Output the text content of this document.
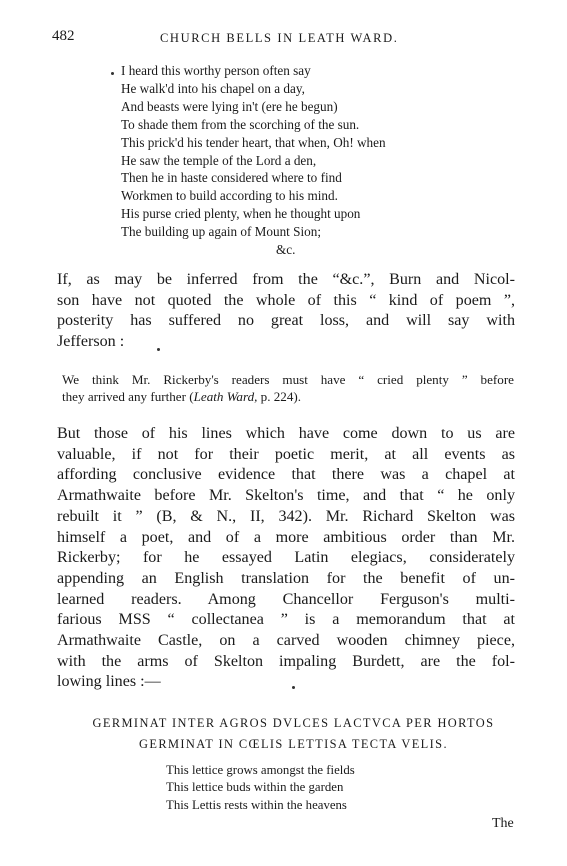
482	CHURCH BELLS IN LEATH WARD.
I heard this worthy person often say
He walk'd into his chapel on a day,
And beasts were lying in't (ere he begun)
To shade them from the scorching of the sun.
This prick'd his tender heart, that when, Oh! when
He saw the temple of the Lord a den,
Then he in haste considered where to find
Workmen to build according to his mind.
His purse cried plenty, when he thought upon
The building up again of Mount Sion;
&c.
If, as may be inferred from the “&c.”, Burn and Nicol-
son have not quoted the whole of this “ kind of poem ”,
posterity has suffered no great loss, and will say with
Jefferson :
We think Mr. Rickerby's readers must have “ cried plenty ” before
they arrived any further (Leath Ward, p. 224).
But those of his lines which have come down to us are
valuable, if not for their poetic merit, at all events as
affording conclusive evidence that there was a chapel at
Armathwaite before Mr. Skelton's time, and that “ he only
rebuilt it ” (B, & N., II, 342). Mr. Richard Skelton was
himself a poet, and of a more ambitious order than Mr.
Rickerby; for he essayed Latin elegiacs, considerately
appending an English translation for the benefit of un-
learned readers. Among Chancellor Ferguson's multi-
farious MSS “ collectanea ” is a memorandum that at
Armathwaite Castle, on a carved wooden chimney piece,
with the arms of Skelton impaling Burdett, are the fol-
lowing lines :—
GERMINAT INTER AGROS DVLCES LACTVCA PER HORTOS
GERMINAT IN CŒLIS LETTISA TECTA VELIS.
This lettice grows amongst the fields
This lettice buds within the garden
This Lettis rests within the heavens
The
